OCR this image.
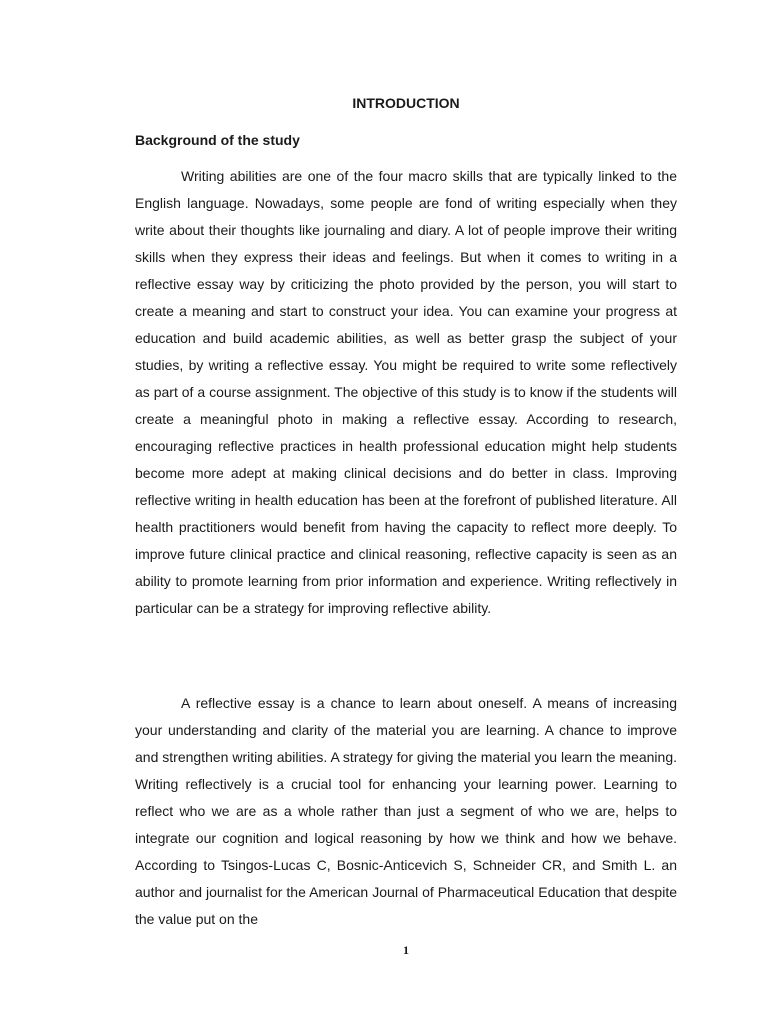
INTRODUCTION
Background of the study

Writing abilities are one of the four macro skills that are typically linked to the English language. Nowadays, some people are fond of writing especially when they write about their thoughts like journaling and diary. A lot of people improve their writing skills when they express their ideas and feelings. But when it comes to writing in a reflective essay way by criticizing the photo provided by the person, you will start to create a meaning and start to construct your idea. You can examine your progress at education and build academic abilities, as well as better grasp the subject of your studies, by writing a reflective essay. You might be required to write some reflectively as part of a course assignment. The objective of this study is to know if the students will create a meaningful photo in making a reflective essay. According to research, encouraging reflective practices in health professional education might help students become more adept at making clinical decisions and do better in class. Improving reflective writing in health education has been at the forefront of published literature. All health practitioners would benefit from having the capacity to reflect more deeply. To improve future clinical practice and clinical reasoning, reflective capacity is seen as an ability to promote learning from prior information and experience. Writing reflectively in particular can be a strategy for improving reflective ability.

A reflective essay is a chance to learn about oneself. A means of increasing your understanding and clarity of the material you are learning. A chance to improve and strengthen writing abilities. A strategy for giving the material you learn the meaning. Writing reflectively is a crucial tool for enhancing your learning power. Learning to reflect who we are as a whole rather than just a segment of who we are, helps to integrate our cognition and logical reasoning by how we think and how we behave. According to Tsingos-Lucas C, Bosnic-Anticevich S, Schneider CR, and Smith L. an author and journalist for the American Journal of Pharmaceutical Education that despite the value put on the

1
